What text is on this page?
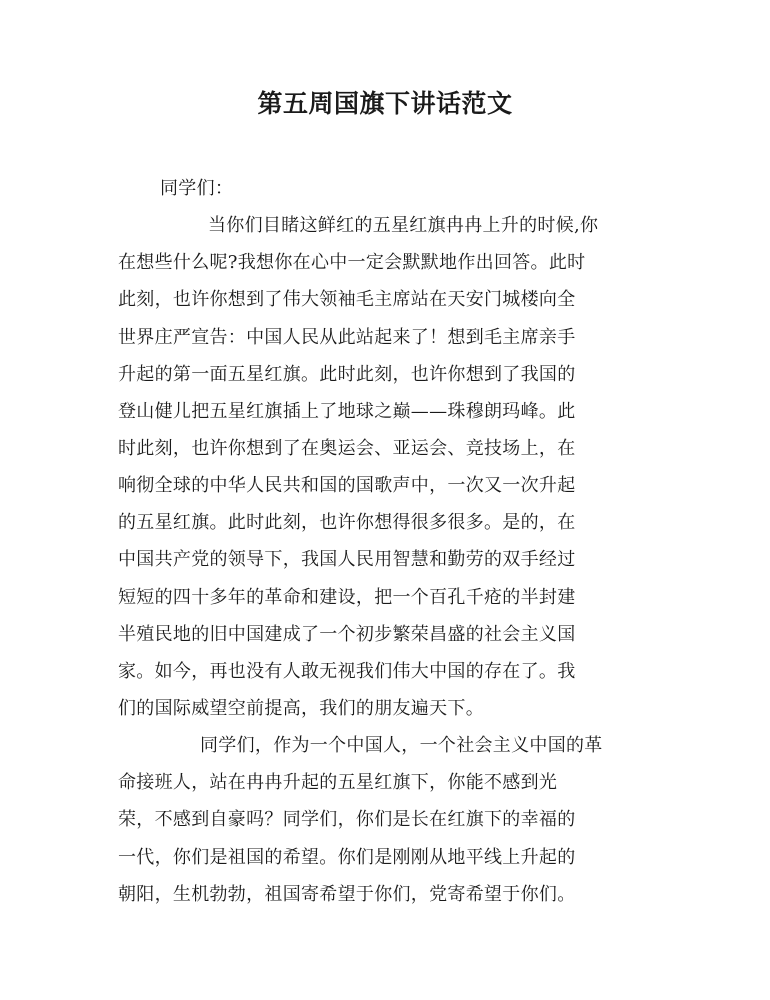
第五周国旗下讲话范文
同学们：
当你们目睹这鲜红的五星红旗冉冉上升的时候,你
在想些什么呢?我想你在心中一定会默默地作出回答。此时
此刻，也许你想到了伟大领袖毛主席站在天安门城楼向全
世界庄严宣告：中国人民从此站起来了！想到毛主席亲手
升起的第一面五星红旗。此时此刻，也许你想到了我国的
登山健儿把五星红旗插上了地球之巅——珠穆朗玛峰。此
时此刻，也许你想到了在奥运会、亚运会、竞技场上，在
响彻全球的中华人民共和国的国歌声中，一次又一次升起
的五星红旗。此时此刻，也许你想得很多很多。是的，在
中国共产党的领导下，我国人民用智慧和勤劳的双手经过
短短的四十多年的革命和建设，把一个百孔千疮的半封建
半殖民地的旧中国建成了一个初步繁荣昌盛的社会主义国
家。如今，再也没有人敢无视我们伟大中国的存在了。我
们的国际威望空前提高，我们的朋友遍天下。
同学们，作为一个中国人，一个社会主义中国的革
命接班人，站在冉冉升起的五星红旗下，你能不感到光
荣，不感到自豪吗？同学们，你们是长在红旗下的幸福的
一代，你们是祖国的希望。你们是刚刚从地平线上升起的
朝阳，生机勃勃，祖国寄希望于你们，党寄希望于你们。
